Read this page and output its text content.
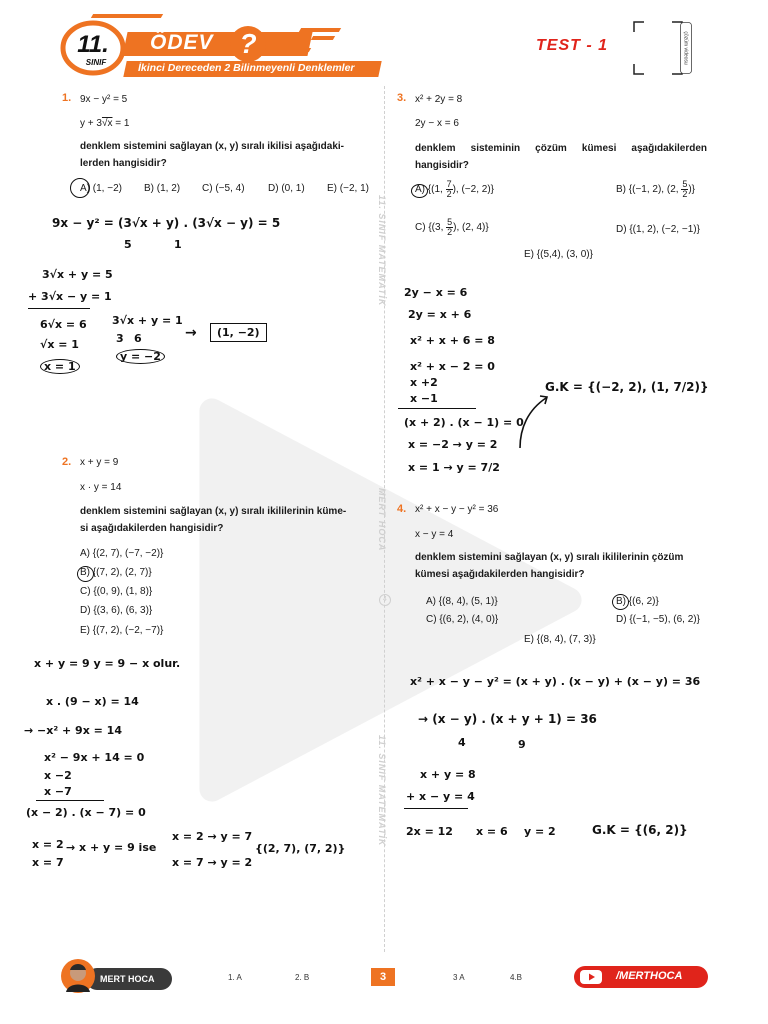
11.
SINIF
ÖDEV ?
İkinci Dereceden 2 Bilinmeyenli Denklemler
TEST - 1	çözüm videosu
11. SINIF MATEMATİK
MERT HOCA
4
11. SINIF MATEMATİK
1. 9x − y² = 5
y + 3√x = 1
denklem sistemini sağlayan (x, y) sıralı ikilisi aşağıdaki-
lerden hangisidir?
A) (1, −2) B) (1, 2) C) (−5, 4) D) (0, 1) E) (−2, 1)
9x − y² = (3√x + y) . (3√x − y) = 5
5	1
3√x + y = 5
+ 3√x − y = 1
6√x = 6
√x = 1
x = 1
3√x + y = 1
3 6
y = −2
→	(1, −2)
2. x + y = 9
x · y = 14
denklem sistemini sağlayan (x, y) sıralı ikililerinin küme-
si aşağıdakilerden hangisidir?
A) {(2, 7), (−7, −2)}
B) {(7, 2), (2, 7)}
C) {(0, 9), (1, 8)}
D) {(3, 6), (6, 3)}
E) {(7, 2), (−2, −7)}
x + y = 9 y = 9 − x olur.
x . (9 − x) = 14
→ −x² + 9x = 14
x² − 9x + 14 = 0
x −2
x −7
(x − 2) . (x − 7) = 0
x = 2
x = 7
→ x + y = 9 ise
x = 2 → y = 7
x = 7 → y = 2
{(2, 7), (7, 2)}
3. x² + 2y = 8
2y − x = 6
denklem sisteminin çözüm kümesi aşağıdakilerden
hangisidir?
A) {(1, $\frac{7}{2}$ ), (−2, 2)}	B) {(−1, 2), (2, $\frac{5}{2}$ )}
C) {(3, $\frac{5}{2}$ ), (2, 4)}	D) {(1, 2), (−2, −1)}
E) {(5,4), (3, 0)}
2y − x = 6
2y = x + 6
x² + x + 6 = 8
x² + x − 2 = 0
x +2
x −1
(x + 2) . (x − 1) = 0
x = −2 → y = 2
x = 1 → y = 7/2
G.K = {(−2, 2), (1, 7/2)}
4. x² + x − y − y² = 36
x − y = 4
denklem sistemini sağlayan (x, y) sıralı ikililerinin çözüm
kümesi aşağıdakilerden hangisidir?
A) {(8, 4), (5, 1)}	B) {(6, 2)}
C) {(6, 2), (4, 0)}	D) {(−1, −5), (6, 2)}
E) {(8, 4), (7, 3)}
x² + x − y − y² = (x + y) . (x − y) + (x − y) = 36
→ (x − y) . (x + y + 1) = 36
4	9
x + y = 8
+ x − y = 4
2x = 12 x = 6 y = 2	G.K = {(6, 2)}
MERT HOCA	1. A	2. B	3	3 A	4.B	/MERTHOCA
